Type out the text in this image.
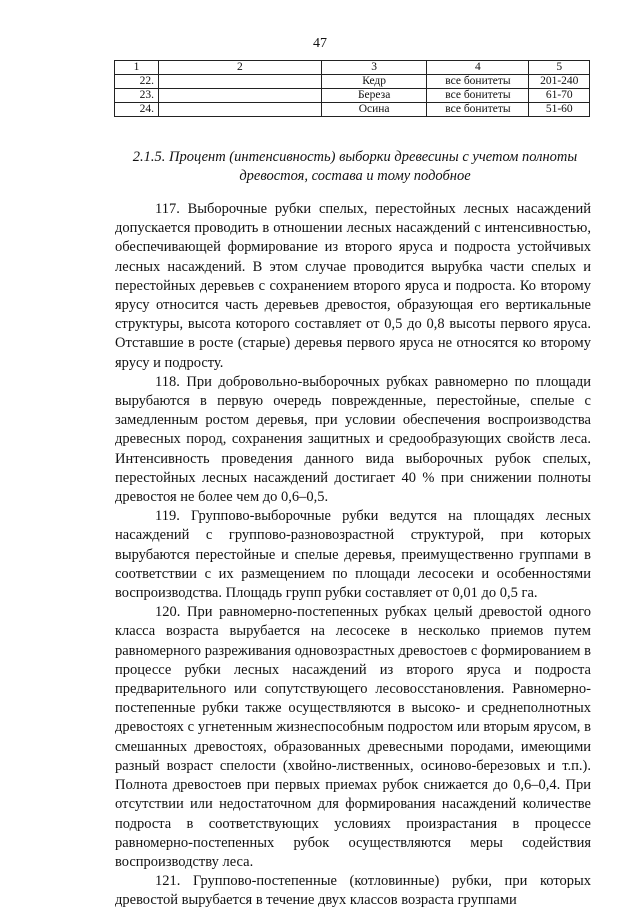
47
1	2	3	4	5
22.		Кедр	все бонитеты	201-240
23.		Береза	все бонитеты	61-70
24.		Осина	все бонитеты	51-60
2.1.5. Процент (интенсивность) выборки древесины с учетом полноты древостоя, состава и тому подобное

117. Выборочные рубки спелых, перестойных лесных насаждений допускается проводить в отношении лесных насаждений с интенсивностью, обеспечивающей формирование из второго яруса и подроста устойчивых лесных насаждений. В этом случае проводится вырубка части спелых и перестойных деревьев с сохранением второго яруса и подроста. Ко второму ярусу относится часть деревьев древостоя, образующая его вертикальные структуры, высота которого составляет от 0,5 до 0,8 высоты первого яруса. Отставшие в росте (старые) деревья первого яруса не относятся ко второму ярусу и подросту.

118. При добровольно-выборочных рубках равномерно по площади вырубаются в первую очередь поврежденные, перестойные, спелые с замедленным ростом деревья, при условии обеспечения воспроизводства древесных пород, сохранения защитных и средообразующих свойств леса. Интенсивность проведения данного вида выборочных рубок спелых, перестойных лесных насаждений достигает 40 % при снижении полноты древостоя не более чем до 0,6–0,5.

119. Группово-выборочные рубки ведутся на площадях лесных насаждений с группово-разновозрастной структурой, при которых вырубаются перестойные и спелые деревья, преимущественно группами в соответствии с их размещением по площади лесосеки и особенностями воспроизводства. Площадь групп рубки составляет от 0,01 до 0,5 га.

120. При равномерно-постепенных рубках целый древостой одного класса возраста вырубается на лесосеке в несколько приемов путем равномерного разреживания одновозрастных древостоев с формированием в процессе рубки лесных насаждений из второго яруса и подроста предварительного или сопутствующего лесовосстановления. Равномерно-постепенные рубки также осуществляются в высоко- и среднеполнотных древостоях с угнетенным жизнеспособным подростом или вторым ярусом, в смешанных древостоях, образованных древесными породами, имеющими разный возраст спелости (хвойно-лиственных, осиново-березовых и т.п.). Полнота древостоев при первых приемах рубок снижается до 0,6–0,4. При отсутствии или недостаточном для формирования насаждений количестве подроста в соответствующих условиях произрастания в процессе равномерно-постепенных рубок осуществляются меры содействия воспроизводству леса.

121. Группово-постепенные (котловинные) рубки, при которых древостой вырубается в течение двух классов возраста группами
